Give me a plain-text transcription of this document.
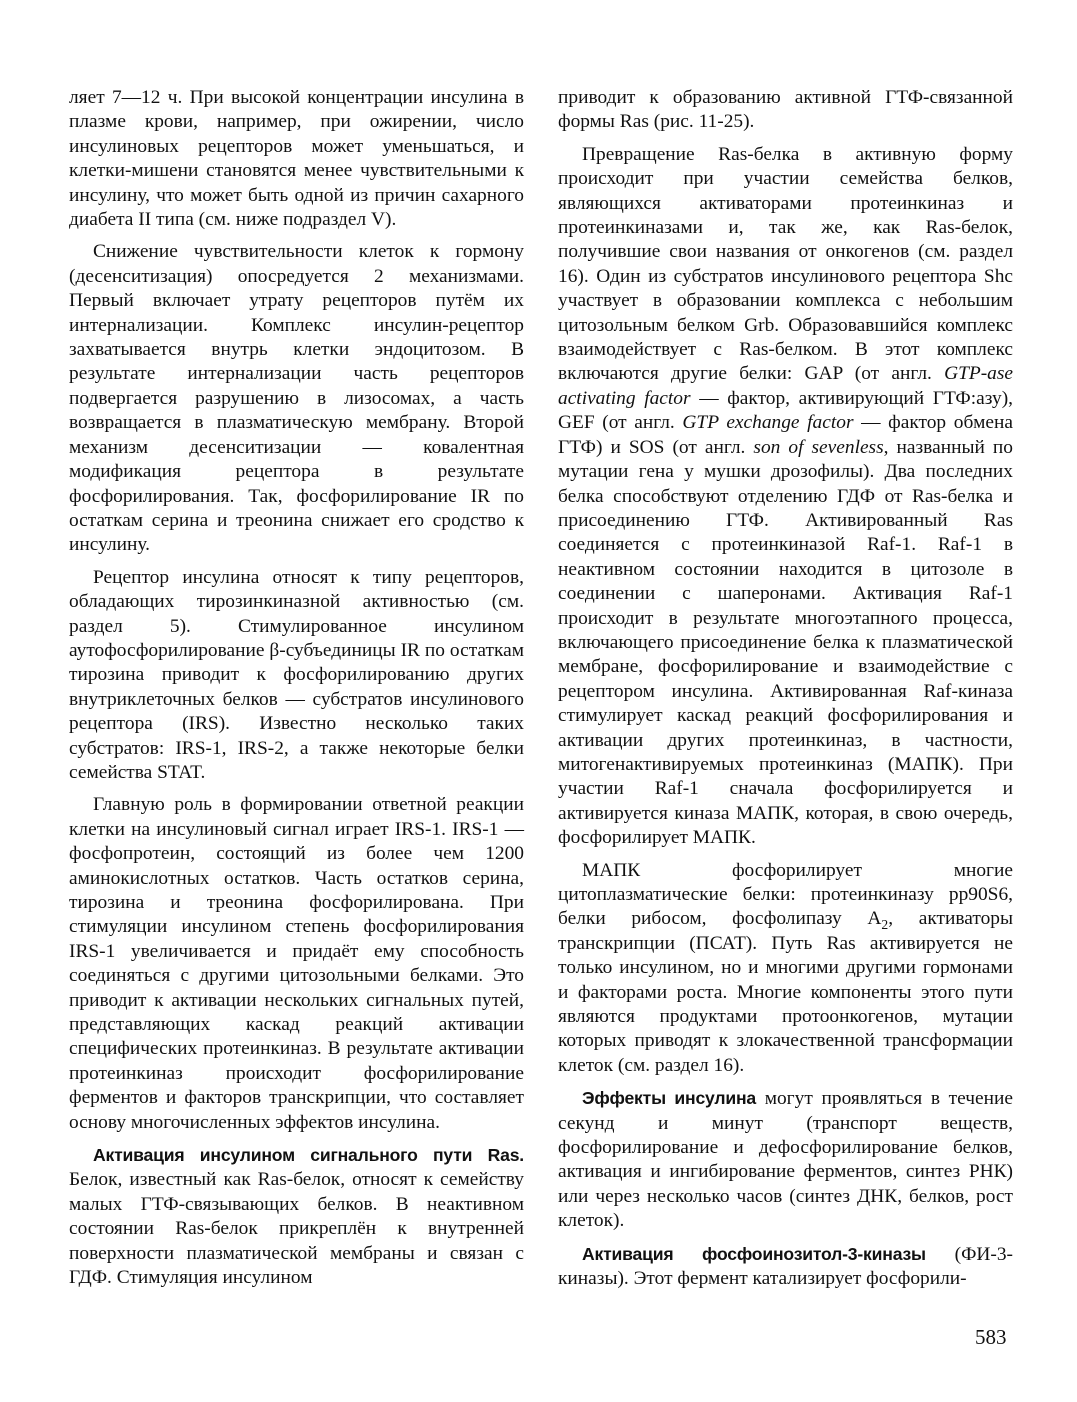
ляет 7—12 ч. При высокой концентрации инсулина в плазме крови, например, при ожирении, число инсулиновых рецепторов может уменьшаться, и клетки-мишени становятся менее чувствительными к инсулину, что может быть одной из причин сахарного диабета II типа (см. ниже подраздел V).

Снижение чувствительности клеток к гормону (десенситизация) опосредуется 2 механизмами. Первый включает утрату рецепторов путём их интернализации. Комплекс инсулин-рецептор захватывается внутрь клетки эндоцитозом. В результате интернализации часть рецепторов подвергается разрушению в лизосомах, а часть возвращается в плазматическую мембрану. Второй механизм десенситизации — ковалентная модификация рецептора в результате фосфорилирования. Так, фосфорилирование IR по остаткам серина и треонина снижает его сродство к инсулину.

Рецептор инсулина относят к типу рецепторов, обладающих тирозинкиназной активностью (см. раздел 5). Стимулированное инсулином аутофосфорилирование β-субъединицы IR по остаткам тирозина приводит к фосфорилированию других внутриклеточных белков — субстратов инсулинового рецептора (IRS). Известно несколько таких субстратов: IRS-1, IRS-2, а также некоторые белки семейства STAT.

Главную роль в формировании ответной реакции клетки на инсулиновый сигнал играет IRS-1. IRS-1 — фосфопротеин, состоящий из более чем 1200 аминокислотных остатков. Часть остатков серина, тирозина и треонина фосфорилирована. При стимуляции инсулином степень фосфорилирования IRS-1 увеличивается и придаёт ему способность соединяться с другими цитозольными белками. Это приводит к активации нескольких сигнальных путей, представляющих каскад реакций активации специфических протеинкиназ. В результате активации протеинкиназ происходит фосфорилирование ферментов и факторов транскрипции, что составляет основу многочисленных эффектов инсулина.

Активация инсулином сигнального пути Ras. Белок, известный как Ras-белок, относят к семейству малых ГТФ-связывающих белков. В неактивном состоянии Ras-белок прикреплён к внутренней поверхности плазматической мембраны и связан с ГДФ. Стимуляция инсулином

приводит к образованию активной ГТФ-связанной формы Ras (рис. 11-25).

Превращение Ras-белка в активную форму происходит при участии семейства белков, являющихся активаторами протеинкиназ и протеинкиназами и, так же, как Ras-белок, получившие свои названия от онкогенов (см. раздел 16). Один из субстратов инсулинового рецептора Shc участвует в образовании комплекса с небольшим цитозольным белком Grb. Образовавшийся комплекс взаимодействует с Ras-белком. В этот комплекс включаются другие белки: GAP (от англ. GTP-ase activating factor — фактор, активирующий ГТФ:азу), GEF (от англ. GTP exchange factor — фактор обмена ГТФ) и SOS (от англ. son of sevenless, названный по мутации гена у мушки дрозофилы). Два последних белка способствуют отделению ГДФ от Ras-белка и присоединению ГТФ. Активированный Ras соединяется с протеинкиназой Raf-1. Raf-1 в неактивном состоянии находится в цитозоле в соединении с шаперонами. Активация Raf-1 происходит в результате многоэтапного процесса, включающего присоединение белка к плазматической мембране, фосфорилирование и взаимодействие с рецептором инсулина. Активированная Raf-киназа стимулирует каскад реакций фосфорилирования и активации других протеинкиназ, в частности, митогенактивируемых протеинкиназ (МАПК). При участии Raf-1 сначала фосфорилируется и активируется киназа МАПК, которая, в свою очередь, фосфорилирует МАПК.

МАПК фосфорилирует многие цитоплазматические белки: протеинкиназу pp90S6, белки рибосом, фосфолипазу $A_2$, активаторы транскрипции (ПСАТ). Путь Ras активируется не только инсулином, но и многими другими гормонами и факторами роста. Многие компоненты этого пути являются продуктами протоонкогенов, мутации которых приводят к злокачественной трансформации клеток (см. раздел 16).

Эффекты инсулина могут проявляться в течение секунд и минут (транспорт веществ, фосфорилирование и дефосфорилирование белков, активация и ингибирование ферментов, синтез РНК) или через несколько часов (синтез ДНК, белков, рост клеток).

Активация фосфоинозитол-3-киназы (ФИ-3-киназы). Этот фермент катализирует фосфорили-

583
